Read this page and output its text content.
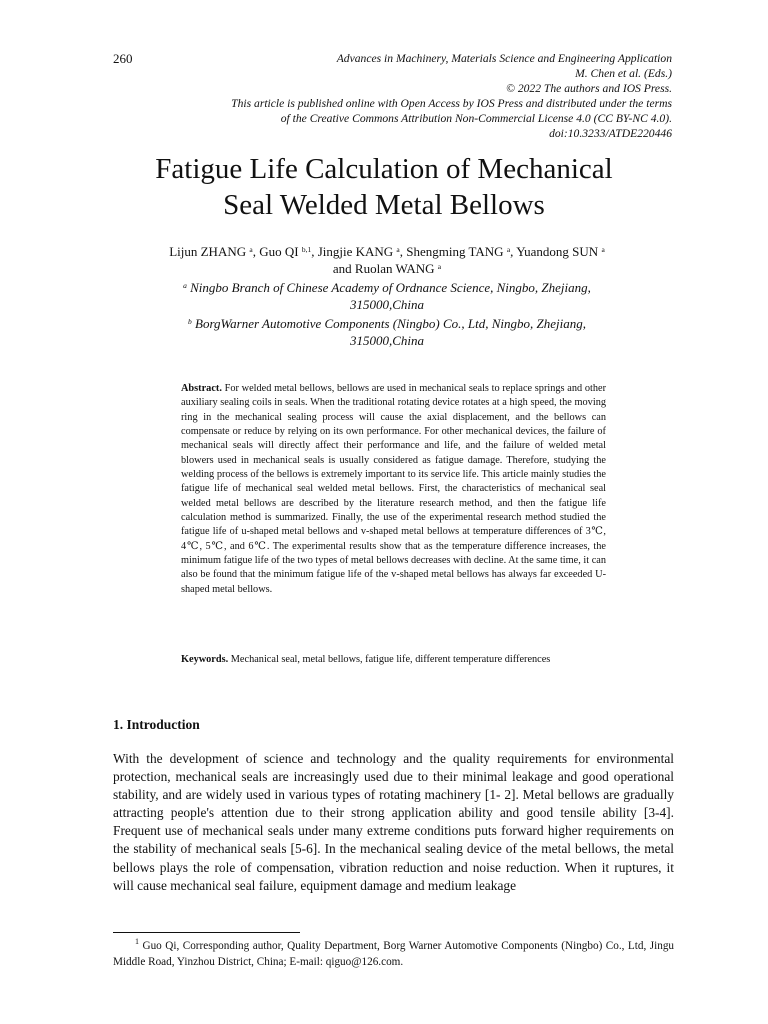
260	Advances in Machinery, Materials Science and Engineering Application
M. Chen et al. (Eds.)
© 2022 The authors and IOS Press.
This article is published online with Open Access by IOS Press and distributed under the terms
of the Creative Commons Attribution Non-Commercial License 4.0 (CC BY-NC 4.0).
doi:10.3233/ATDE220446
Fatigue Life Calculation of Mechanical
Seal Welded Metal Bellows
Lijun ZHANG $^a$, Guo QI $^{b,1}$, Jingjie KANG $^a$, Shengming TANG $^a$, Yuandong SUN $^a$
and Ruolan WANG $^a$
$^a$ Ningbo Branch of Chinese Academy of Ordnance Science, Ningbo, Zhejiang,
315000,China
$^b$ BorgWarner Automotive Components (Ningbo) Co., Ltd, Ningbo, Zhejiang,
315000,China
Abstract. For welded metal bellows, bellows are used in mechanical seals to replace springs and other auxiliary sealing coils in seals. When the traditional rotating device rotates at a high speed, the moving ring in the mechanical sealing process will cause the axial displacement, and the bellows can compensate or reduce by relying on its own performance. For other mechanical devices, the failure of mechanical seals will directly affect their performance and life, and the failure of welded metal blowers used in mechanical seals is usually considered as fatigue damage. Therefore, studying the welding process of the bellows is extremely important to its service life. This article mainly studies the fatigue life of mechanical seal welded metal bellows. First, the characteristics of mechanical seal welded metal bellows are described by the literature research method, and then the fatigue life calculation method is summarized. Finally, the use of the experimental research method studied the fatigue life of u-shaped metal bellows and v-shaped metal bellows at temperature differences of 3℃, 4℃, 5℃, and 6℃. The experimental results show that as the temperature difference increases, the minimum fatigue life of the two types of metal bellows decreases with decline. At the same time, it can also be found that the minimum fatigue life of the v-shaped metal bellows has always far exceeded U-shaped metal bellows.
Keywords. Mechanical seal, metal bellows, fatigue life, different temperature differences
1. Introduction
With the development of science and technology and the quality requirements for environmental protection, mechanical seals are increasingly used due to their minimal leakage and good operational stability, and are widely used in various types of rotating machinery [1- 2]. Metal bellows are gradually attracting people's attention due to their strong application ability and good tensile ability [3-4]. Frequent use of mechanical seals under many extreme conditions puts forward higher requirements on the stability of mechanical seals [5-6]. In the mechanical sealing device of the metal bellows, the metal bellows plays the role of compensation, vibration reduction and noise reduction. When it ruptures, it will cause mechanical seal failure, equipment damage and medium leakage
$^1$ Guo Qi, Corresponding author, Quality Department, Borg Warner Automotive Components (Ningbo) Co., Ltd, Jingu Middle Road, Yinzhou District, China; E-mail: qiguo@126.com.
